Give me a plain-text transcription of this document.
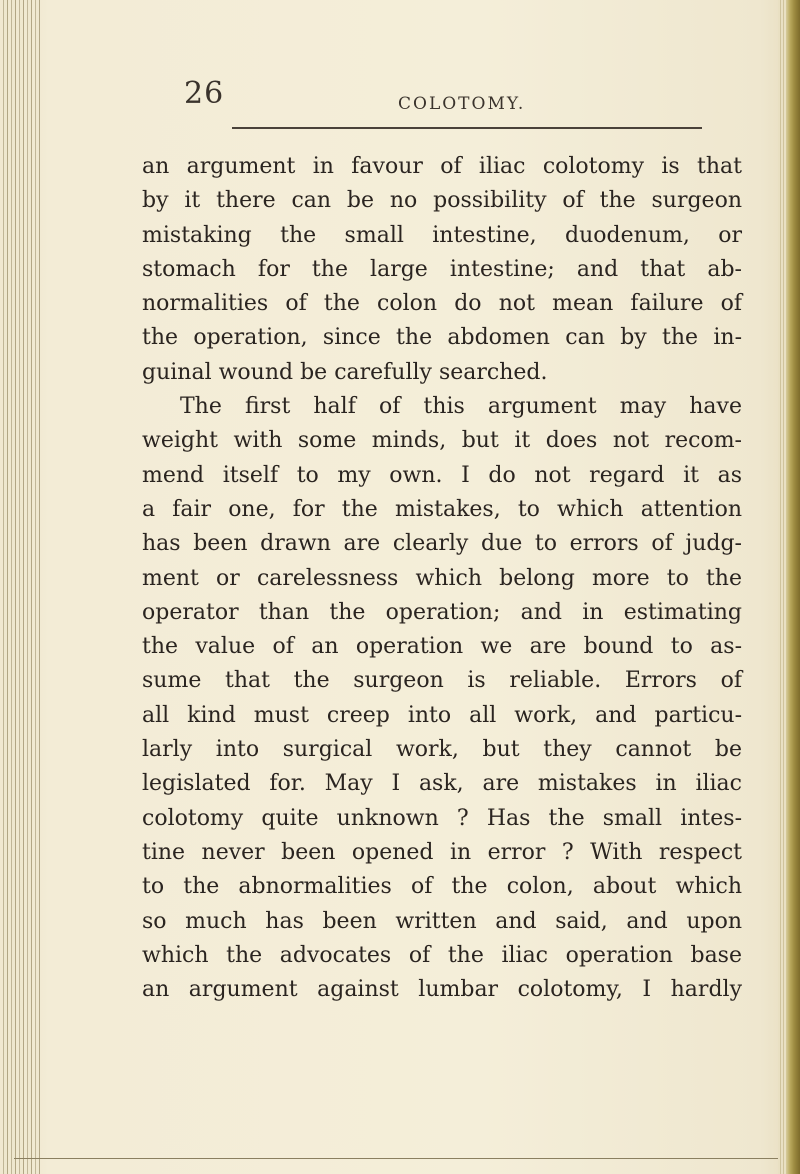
26	COLOTOMY.
an argument in favour of iliac colotomy is that
by it there can be no possibility of the surgeon
mistaking the small intestine, duodenum, or
stomach for the large intestine; and that ab-
normalities of the colon do not mean failure of
the operation, since the abdomen can by the in-
guinal wound be carefully searched.
The first half of this argument may have
weight with some minds, but it does not recom-
mend itself to my own. I do not regard it as
a fair one, for the mistakes, to which attention
has been drawn are clearly due to errors of judg-
ment or carelessness which belong more to the
operator than the operation; and in estimating
the value of an operation we are bound to as-
sume that the surgeon is reliable. Errors of
all kind must creep into all work, and particu-
larly into surgical work, but they cannot be
legislated for. May I ask, are mistakes in iliac
colotomy quite unknown ? Has the small intes-
tine never been opened in error ? With respect
to the abnormalities of the colon, about which
so much has been written and said, and upon
which the advocates of the iliac operation base
an argument against lumbar colotomy, I hardly
